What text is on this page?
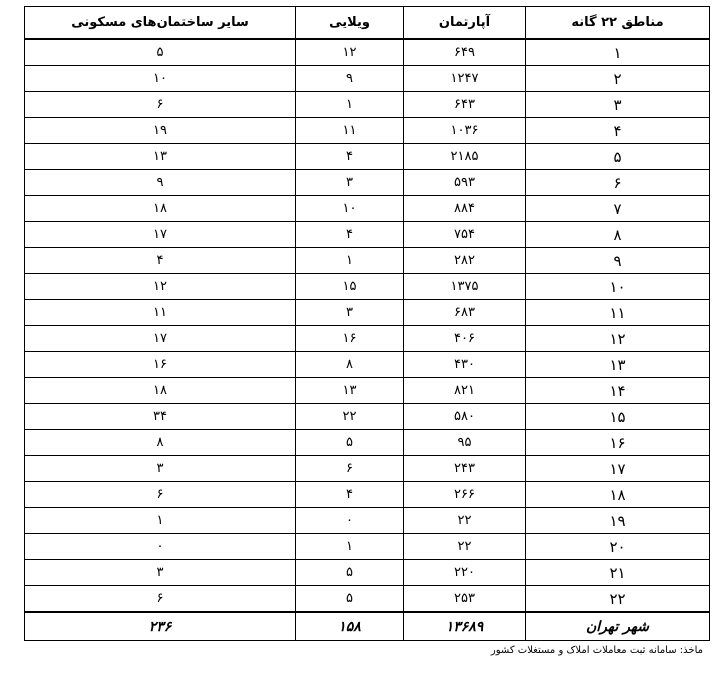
مناطق ۲۲ گانه	آپارتمان	ویلایی	سایر ساختمان‌های مسکونی
۱	۶۴۹	۱۲	۵
۲	۱۲۴۷	۹	۱۰
۳	۶۴۳	۱	۶
۴	۱۰۳۶	۱۱	۱۹
۵	۲۱۸۵	۴	۱۳
۶	۵۹۳	۳	۹
۷	۸۸۴	۱۰	۱۸
۸	۷۵۴	۴	۱۷
۹	۲۸۲	۱	۴
۱۰	۱۳۷۵	۱۵	۱۲
۱۱	۶۸۳	۳	۱۱
۱۲	۴۰۶	۱۶	۱۷
۱۳	۴۳۰	۸	۱۶
۱۴	۸۲۱	۱۳	۱۸
۱۵	۵۸۰	۲۲	۳۴
۱۶	۹۵	۵	۸
۱۷	۲۴۳	۶	۳
۱۸	۲۶۶	۴	۶
۱۹	۲۲	۰	۱
۲۰	۲۲	۱	۰
۲۱	۲۲۰	۵	۳
۲۲	۲۵۳	۵	۶
شهر تهران	۱۳۶۸۹	۱۵۸	۲۳۶
ماخذ: سامانه ثبت معاملات املاک و مستغلات کشور
